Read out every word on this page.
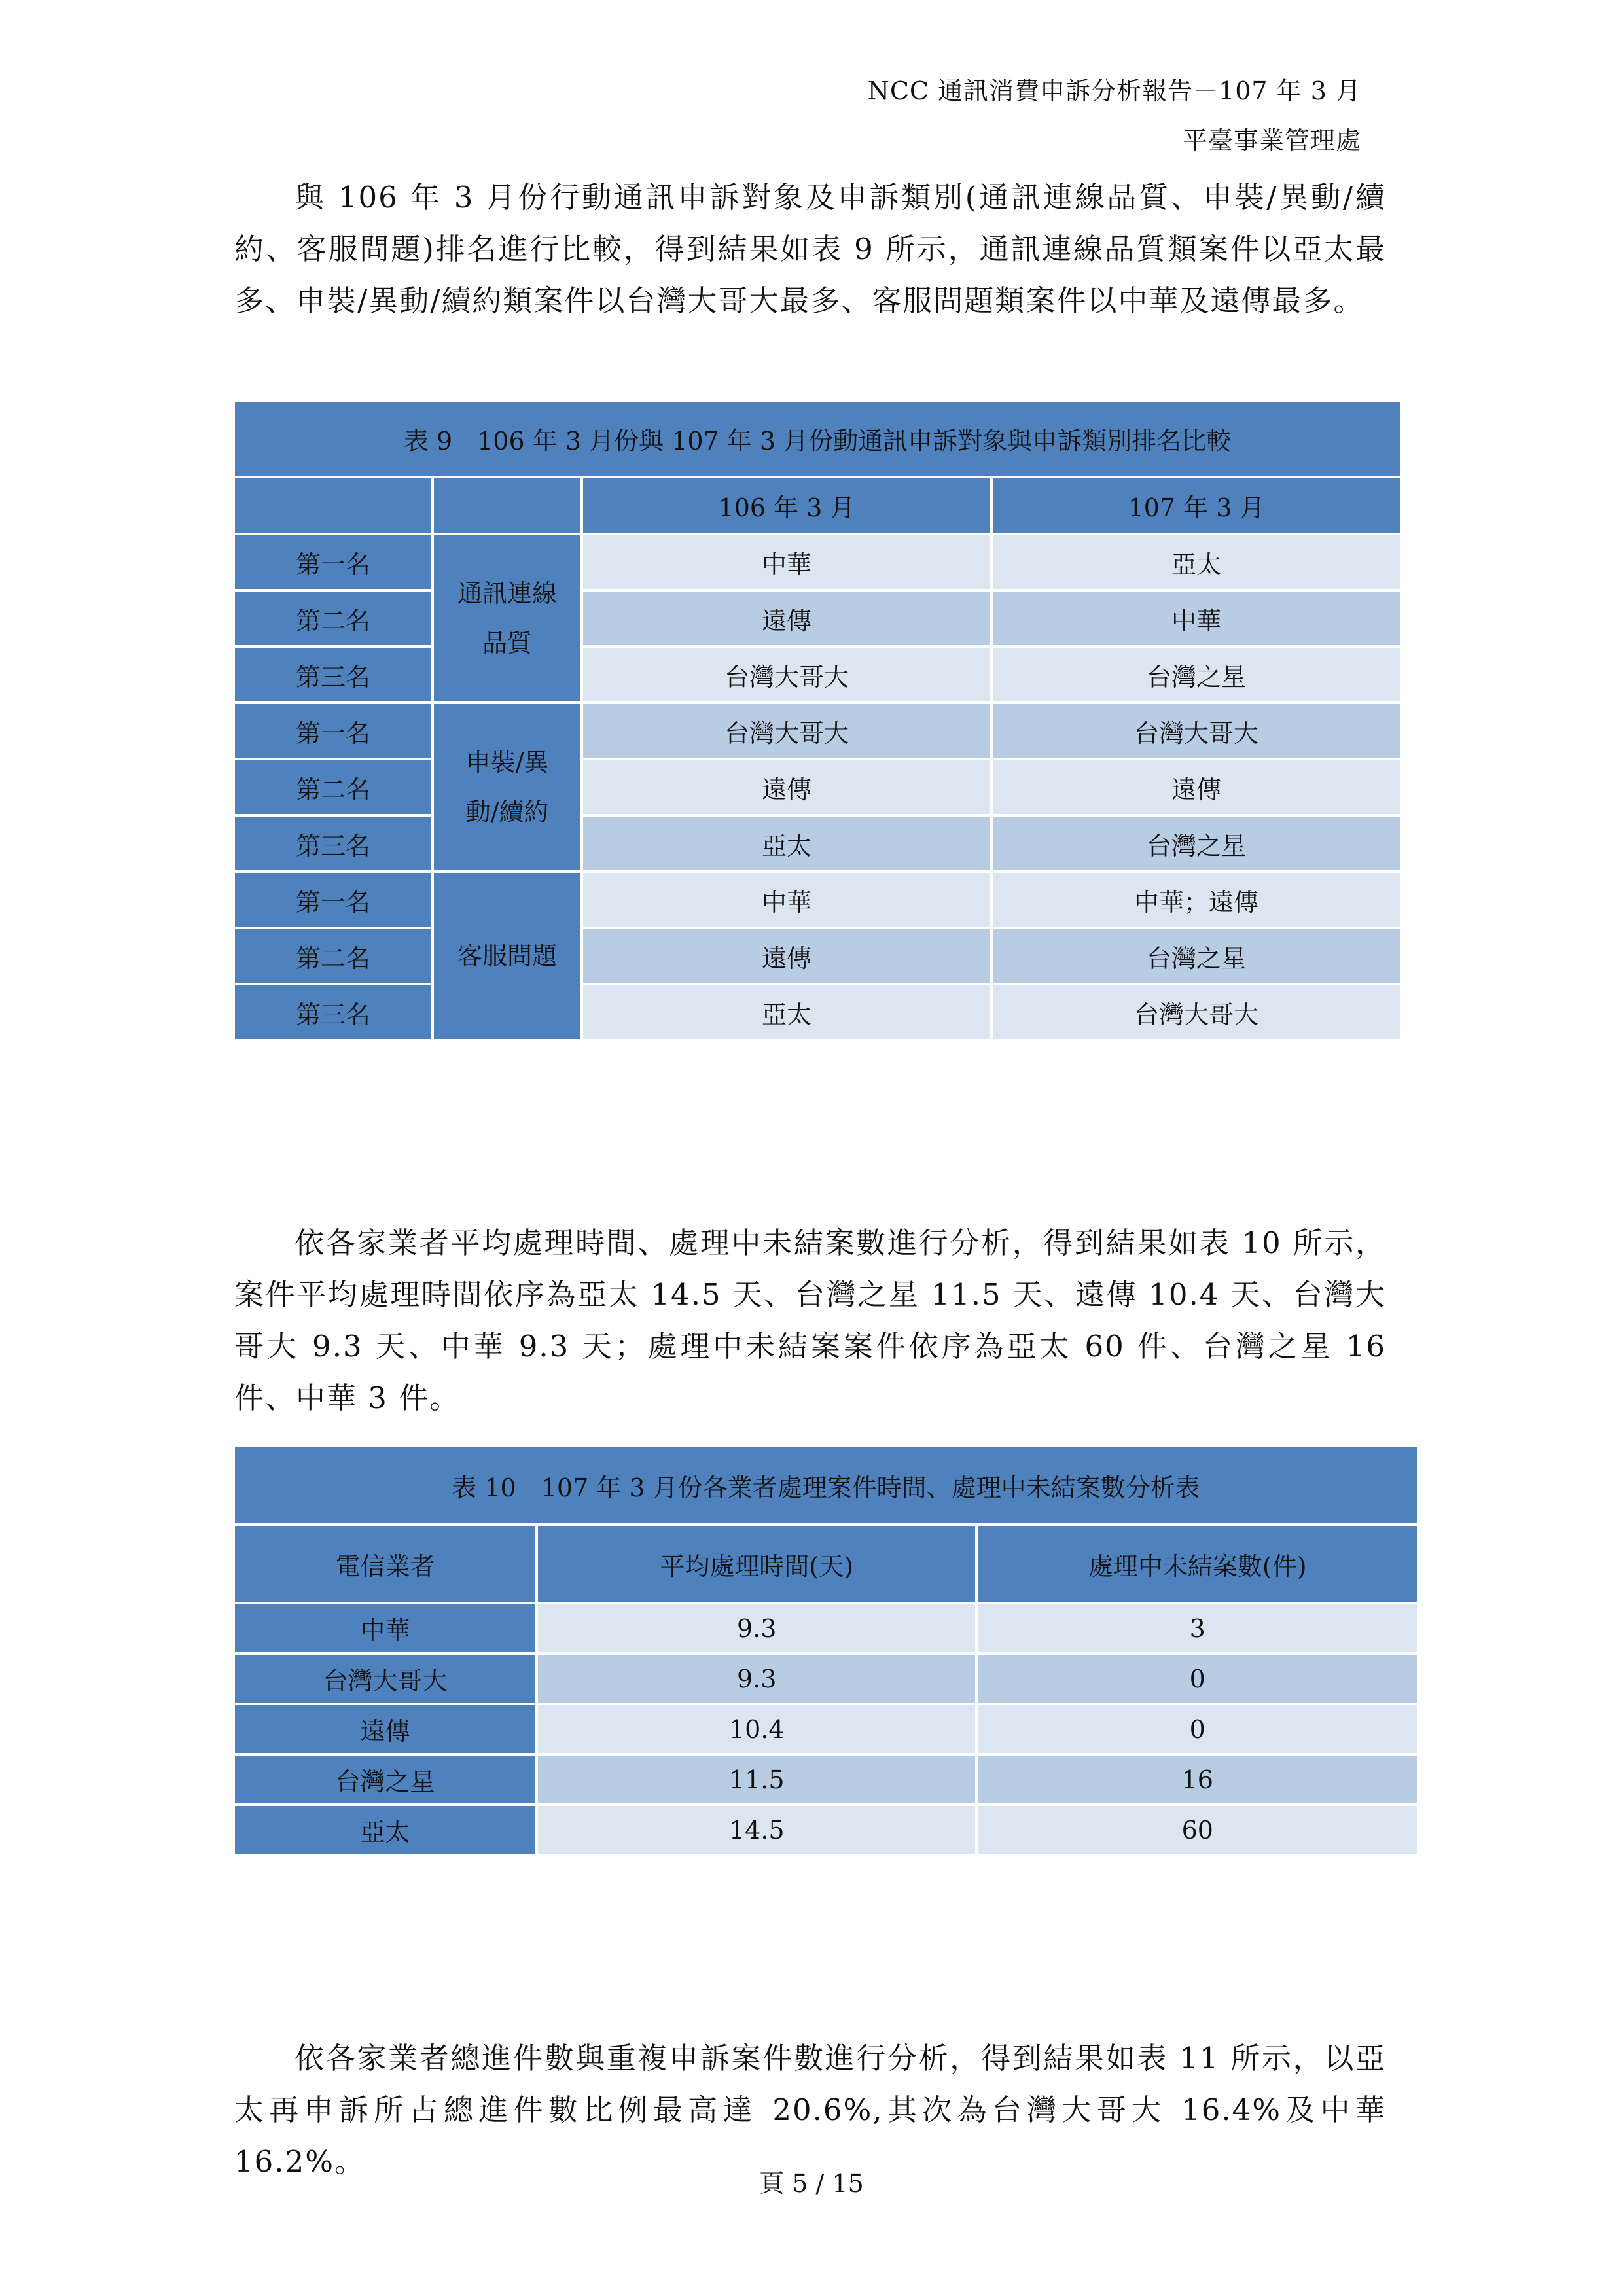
NCC 通訊消費申訴分析報告－107 年 3 月
平臺事業管理處

與 106 年 3 月份行動通訊申訴對象及申訴類別(通訊連線品質、申裝/異動/續約、客服問題)排名進行比較，得到結果如表 9 所示，通訊連線品質類案件以亞太最多、申裝/異動/續約類案件以台灣大哥大最多、客服問題類案件以中華及遠傳最多。

表 9　106 年 3 月份與 107 年 3 月份動通訊申訴對象與申訴類別排名比較			
		106 年 3 月	107 年 3 月
第一名	通訊連線品質	中華	亞太
第二名		遠傳	中華
第三名		台灣大哥大	台灣之星
第一名	申裝/異動/續約	台灣大哥大	台灣大哥大
第二名		遠傳	遠傳
第三名		亞太	台灣之星
第一名	客服問題	中華	中華；遠傳
第二名		遠傳	台灣之星
第三名		亞太	台灣大哥大

依各家業者平均處理時間、處理中未結案數進行分析，得到結果如表 10 所示，案件平均處理時間依序為亞太 14.5 天、台灣之星 11.5 天、遠傳 10.4 天、台灣大哥大 9.3 天、中華 9.3 天；處理中未結案案件依序為亞太 60 件、台灣之星 16 件、中華 3 件。

表 10　107 年 3 月份各業者處理案件時間、處理中未結案數分析表		
電信業者	平均處理時間(天)	處理中未結案數(件)
中華	9.3	3
台灣大哥大	9.3	0
遠傳	10.4	0
台灣之星	11.5	16
亞太	14.5	60

依各家業者總進件數與重複申訴案件數進行分析，得到結果如表 11 所示，以亞太再申訴所占總進件數比例最高達 20.6%,其次為台灣大哥大 16.4%及中華 16.2%。

頁 5 / 15
